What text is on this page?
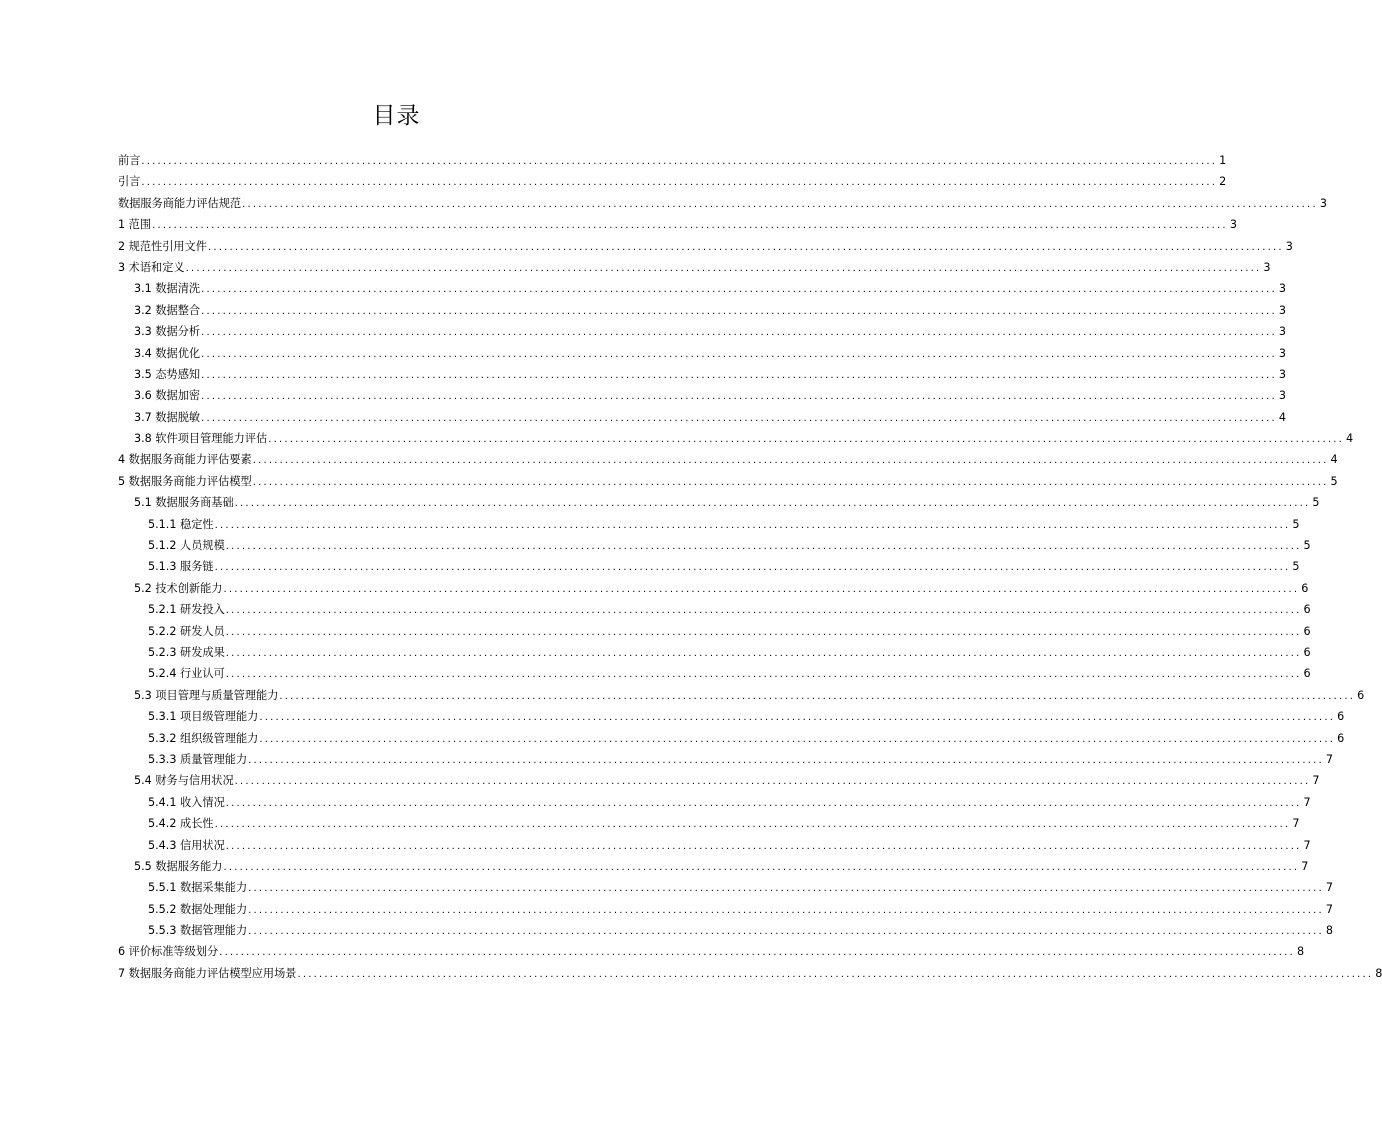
目录
前言 ........................................................................................................................................................................................................ 1
引言 ........................................................................................................................................................................................................ 2
数据服务商能力评估规范 ........................................................................................................................................................................................................ 3
1 范围 ........................................................................................................................................................................................................ 3
2 规范性引用文件 ........................................................................................................................................................................................................ 3
3 术语和定义 ........................................................................................................................................................................................................ 3
3.1 数据清洗 ........................................................................................................................................................................................................ 3
3.2 数据整合 ........................................................................................................................................................................................................ 3
3.3 数据分析 ........................................................................................................................................................................................................ 3
3.4 数据优化 ........................................................................................................................................................................................................ 3
3.5 态势感知 ........................................................................................................................................................................................................ 3
3.6 数据加密 ........................................................................................................................................................................................................ 3
3.7 数据脱敏 ........................................................................................................................................................................................................ 4
3.8 软件项目管理能力评估 ........................................................................................................................................................................................................ 4
4 数据服务商能力评估要素 ........................................................................................................................................................................................................ 4
5 数据服务商能力评估模型 ........................................................................................................................................................................................................ 5
5.1 数据服务商基础 ........................................................................................................................................................................................................ 5
5.1.1 稳定性 ........................................................................................................................................................................................................ 5
5.1.2 人员规模 ........................................................................................................................................................................................................ 5
5.1.3 服务链 ........................................................................................................................................................................................................ 5
5.2 技术创新能力 ........................................................................................................................................................................................................ 6
5.2.1 研发投入 ........................................................................................................................................................................................................ 6
5.2.2 研发人员 ........................................................................................................................................................................................................ 6
5.2.3 研发成果 ........................................................................................................................................................................................................ 6
5.2.4 行业认可 ........................................................................................................................................................................................................ 6
5.3 项目管理与质量管理能力 ........................................................................................................................................................................................................ 6
5.3.1 项目级管理能力 ........................................................................................................................................................................................................ 6
5.3.2 组织级管理能力 ........................................................................................................................................................................................................ 6
5.3.3 质量管理能力 ........................................................................................................................................................................................................ 7
5.4 财务与信用状况 ........................................................................................................................................................................................................ 7
5.4.1 收入情况 ........................................................................................................................................................................................................ 7
5.4.2 成长性 ........................................................................................................................................................................................................ 7
5.4.3 信用状况 ........................................................................................................................................................................................................ 7
5.5 数据服务能力 ........................................................................................................................................................................................................ 7
5.5.1 数据采集能力 ........................................................................................................................................................................................................ 7
5.5.2 数据处理能力 ........................................................................................................................................................................................................ 7
5.5.3 数据管理能力 ........................................................................................................................................................................................................ 8
6 评价标准等级划分 ........................................................................................................................................................................................................ 8
7 数据服务商能力评估模型应用场景 ........................................................................................................................................................................................................ 8
